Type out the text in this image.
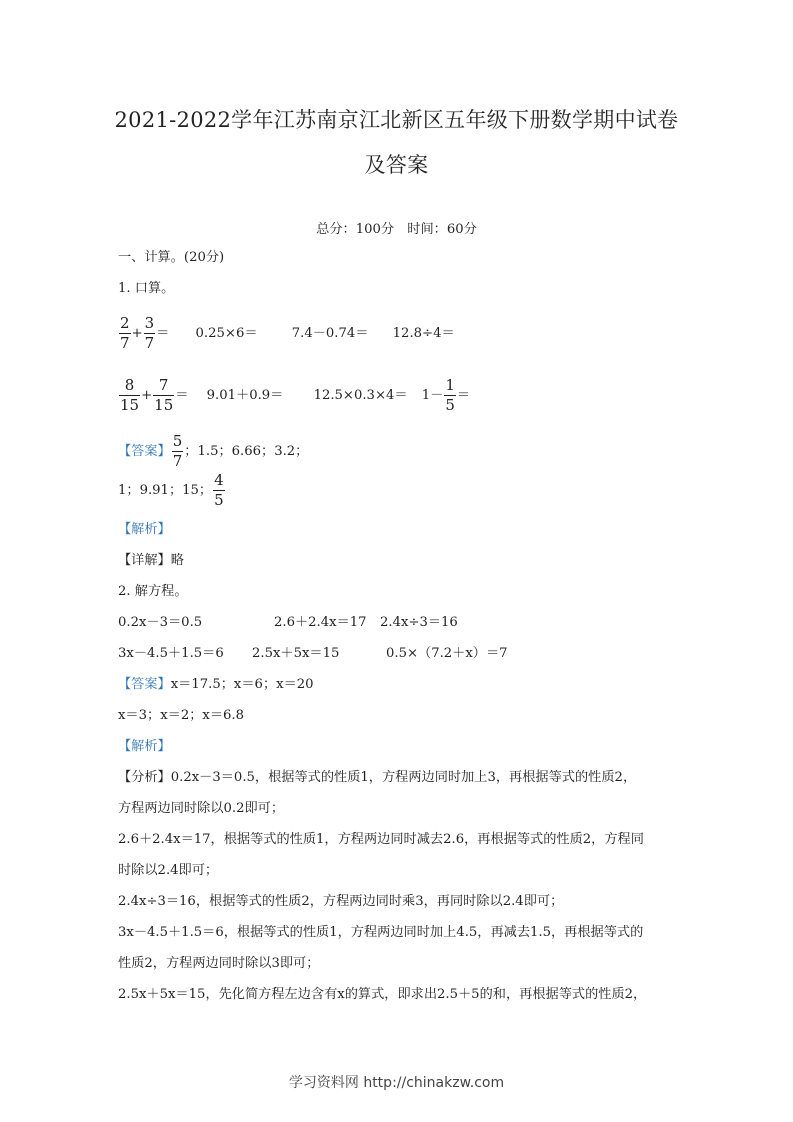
2021-2022学年江苏南京江北新区五年级下册数学期中试卷
及答案
总分：100分　时间：60分
一、计算。(20分)
1. 口算。
$\frac{2}{7} + \frac{3}{7} = 0.25\times 6=$	7.4－0.74＝ 12.8÷4＝
$\frac{8}{15} + \frac{7}{15} = 9.01+0.9= 12.5\times 0.3\times 4= 1- \frac{1}{5}$ ＝
【答案】 $\frac{5}{7}$ ；1.5；6.66；3.2；
1；9.91；15； $\frac{4}{5}$
【解析】
【详解】略
2. 解方程。
0.2x－3＝0.5	2.6＋2.4x＝17 2.4x÷3＝16
3x－4.5＋1.5＝6 2.5x＋5x＝15	0.5×（7.2＋x）＝7
【答案】x＝17.5；x＝6；x＝20
x＝3；x＝2；x＝6.8
【解析】
【分析】0.2x－3＝0.5，根据等式的性质1，方程两边同时加上3，再根据等式的性质2，
方程两边同时除以0.2即可；
2.6＋2.4x＝17，根据等式的性质1，方程两边同时减去2.6，再根据等式的性质2，方程同
时除以2.4即可；
2.4x÷3＝16，根据等式的性质2，方程两边同时乘3，再同时除以2.4即可；
3x－4.5＋1.5＝6，根据等式的性质1，方程两边同时加上4.5，再减去1.5，再根据等式的
性质2，方程两边同时除以3即可；
2.5x＋5x＝15，先化简方程左边含有x的算式，即求出2.5＋5的和，再根据等式的性质2，
学习资料网 http://chinakzw.com
